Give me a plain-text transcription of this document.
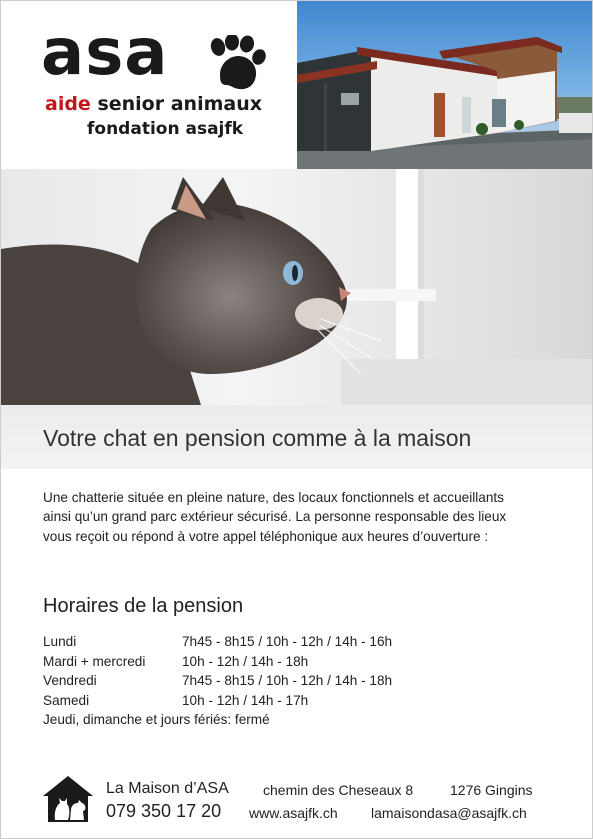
asa
aide senior animaux
fondation asajfk
Votre chat en pension comme à la maison

Une chatterie située en pleine nature, des locaux fonctionnels et accueillants ainsi qu’un grand parc extérieur sécurisé. La personne responsable des lieux vous reçoit ou répond à votre appel téléphonique aux heures d’ouverture :

Horaires de la pension
Lundi	7h45 - 8h15 / 10h - 12h / 14h - 16h
Mardi + mercredi	10h - 12h / 14h - 18h
Vendredi	7h45 - 8h15 / 10h - 12h / 14h - 18h
Samedi	10h - 12h / 14h - 17h
Jeudi, dimanche et jours fériés: fermé
La Maison d’ASA
079 350 17 20
chemin des Cheseaux 8	1276 Gingins
www.asajfk.ch lamaisondasa@asajfk.ch
